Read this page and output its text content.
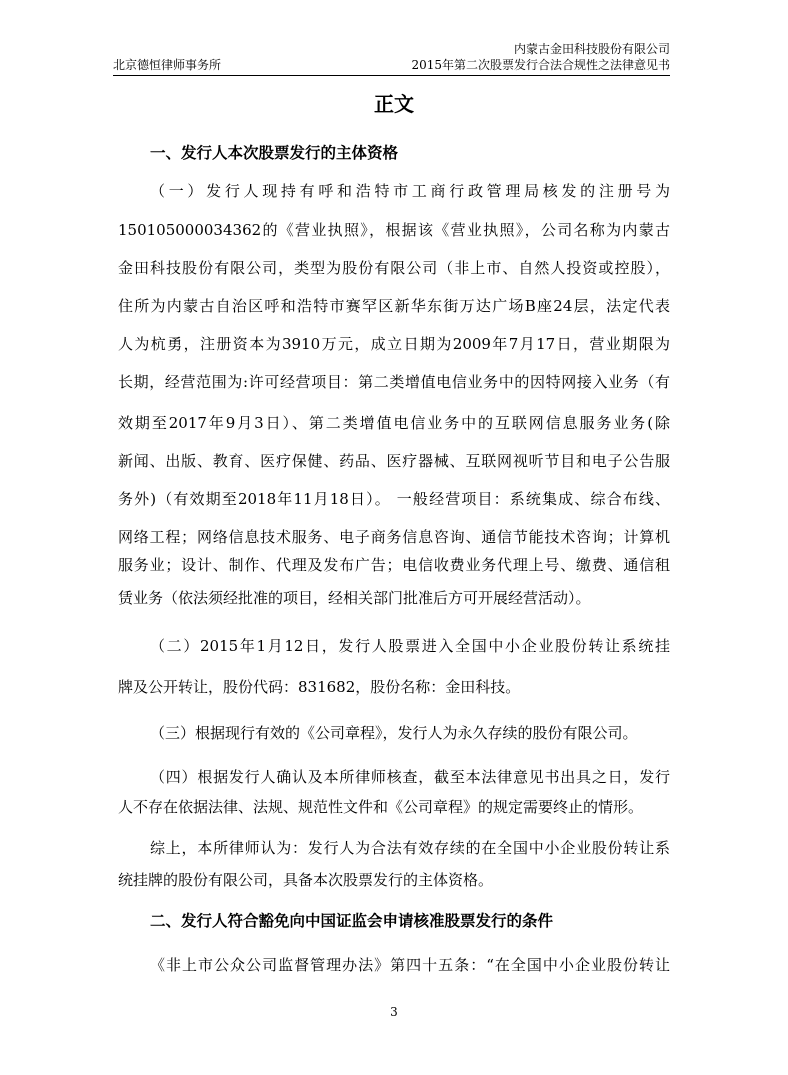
内蒙古金田科技股份有限公司
北京德恒律师事务所	2015年第二次股票发行合法合规性之法律意见书
正文
一、发行人本次股票发行的主体资格
（一）发行人现持有呼和浩特市工商行政管理局核发的注册号为
150105000034362的《营业执照》，根据该《营业执照》，公司名称为内蒙古
金田科技股份有限公司，类型为股份有限公司（非上市、自然人投资或控股），
住所为内蒙古自治区呼和浩特市赛罕区新华东街万达广场B座24层，法定代表
人为杭勇，注册资本为3910万元，成立日期为2009年7月17日，营业期限为
长期，经营范围为:许可经营项目：第二类增值电信业务中的因特网接入业务（有
效期至2017年9月3日）、第二类增值电信业务中的互联网信息服务业务(除
新闻、出版、教育、医疗保健、药品、医疗器械、互联网视听节目和电子公告服
务外)（有效期至2018年11月18日）。 一般经营项目：系统集成、综合布线、
网络工程；网络信息技术服务、电子商务信息咨询、通信节能技术咨询；计算机
服务业；设计、制作、代理及发布广告；电信收费业务代理上号、缴费、通信租
赁业务（依法须经批准的项目，经相关部门批准后方可开展经营活动）。
（二）2015年1月12日，发行人股票进入全国中小企业股份转让系统挂
牌及公开转让，股份代码：831682，股份名称：金田科技。
（三）根据现行有效的《公司章程》，发行人为永久存续的股份有限公司。
（四）根据发行人确认及本所律师核查，截至本法律意见书出具之日，发行
人不存在依据法律、法规、规范性文件和《公司章程》的规定需要终止的情形。
综上，本所律师认为：发行人为合法有效存续的在全国中小企业股份转让系
统挂牌的股份有限公司，具备本次股票发行的主体资格。
二、发行人符合豁免向中国证监会申请核准股票发行的条件
《非上市公众公司监督管理办法》第四十五条：“在全国中小企业股份转让
3
